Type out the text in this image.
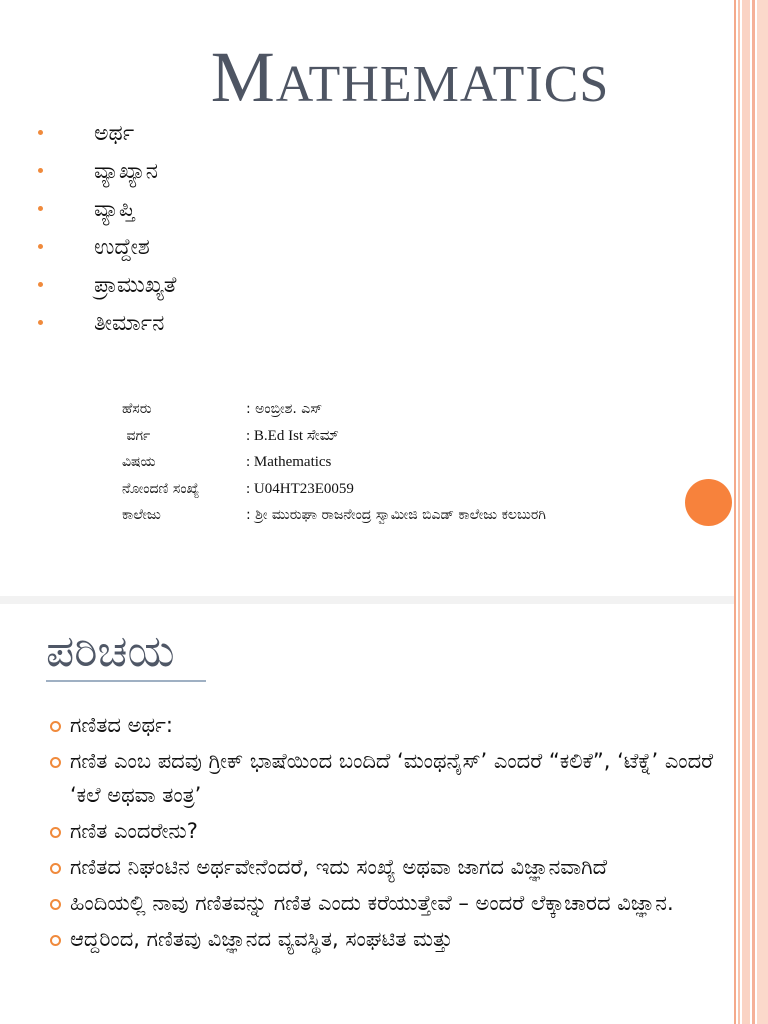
MATHEMATICS
ಅರ್ಥ
ವ್ಯಾಖ್ಯಾನ
ವ್ಯಾಪ್ತಿ
ಉದ್ದೇಶ
ಪ್ರಾಮುಖ್ಯತೆ
ತೀರ್ಮಾನ
ಹೆಸರು	: ಅಂಬ್ರೀಶ. ಎಸ್
ವರ್ಗ	: B.Ed Ist ಸೇಮ್
ವಿಷಯ	: Mathematics
ನೋಂದಣಿ ಸಂಖ್ಯೆ	: U04HT23E0059
ಕಾಲೇಜು	: ಶ್ರೀ ಮುರುಘಾ ರಾಜನೇಂದ್ರ ಸ್ವಾಮೀಜಿ ಬಿಎಡ್ ಕಾಲೇಜು ಕಲಬುರಗಿ
ಪರಿಚಯ
ಗಣಿತದ ಅರ್ಥ:
ಗಣಿತ ಎಂಬ ಪದವು ಗ್ರೀಕ್ ಭಾಷೆಯಿಂದ ಬಂದಿದೆ ‘ಮಂಥನೈಸ್’ ಎಂದರೆ “ಕಲಿಕೆ”, ‘ಟೆಕ್ನೆ’ ಎಂದರೆ ‘ಕಲೆ ಅಥವಾ ತಂತ್ರ’
ಗಣಿತ ಎಂದರೇನು?
ಗಣಿತದ ನಿಘಂಟಿನ ಅರ್ಥವೇನೆಂದರೆ, ಇದು ಸಂಖ್ಯೆ ಅಥವಾ ಜಾಗದ ವಿಜ್ಞಾನವಾಗಿದೆ
ಹಿಂದಿಯಲ್ಲಿ ನಾವು ಗಣಿತವನ್ನು ಗಣಿತ ಎಂದು ಕರೆಯುತ್ತೇವೆ – ಅಂದರೆ ಲೆಕ್ಕಾಚಾರದ ವಿಜ್ಞಾನ.
ಆದ್ದರಿಂದ, ಗಣಿತವು ವಿಜ್ಞಾನದ ವ್ಯವಸ್ಥಿತ, ಸಂಘಟಿತ ಮತ್ತು
